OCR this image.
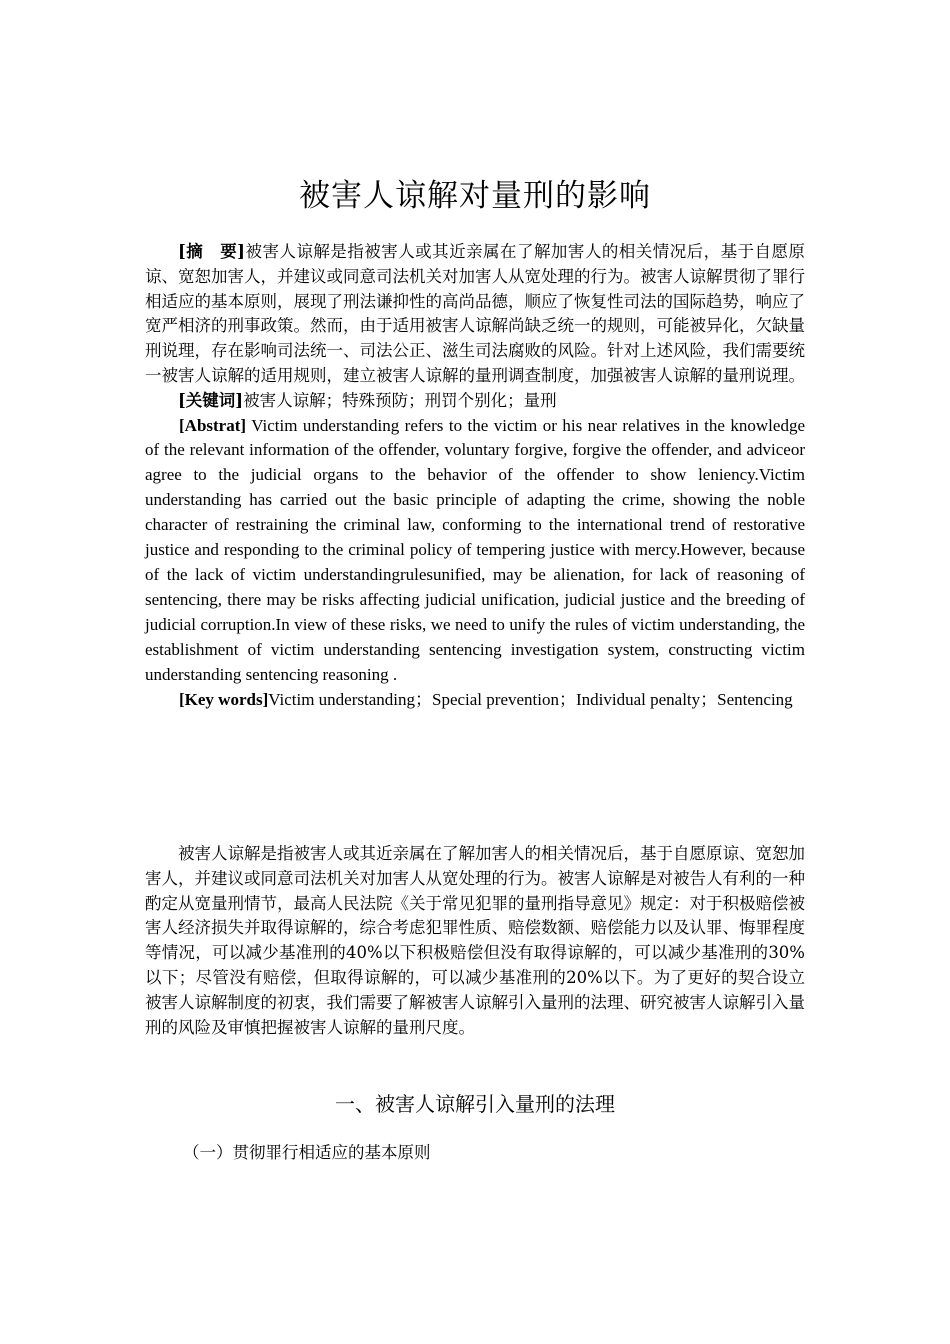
被害人谅解对量刑的影响

[摘　要]被害人谅解是指被害人或其近亲属在了解加害人的相关情况后，基于自愿原谅、宽恕加害人，并建议或同意司法机关对加害人从宽处理的行为。被害人谅解贯彻了罪行相适应的基本原则，展现了刑法谦抑性的高尚品德，顺应了恢复性司法的国际趋势，响应了宽严相济的刑事政策。然而，由于适用被害人谅解尚缺乏统一的规则，可能被异化，欠缺量刑说理，存在影响司法统一、司法公正、滋生司法腐败的风险。针对上述风险，我们需要统一被害人谅解的适用规则，建立被害人谅解的量刑调查制度，加强被害人谅解的量刑说理。

[关键词]被害人谅解；特殊预防；刑罚个别化；量刑

[Abstrat] Victim understanding refers to the victim or his near relatives in the knowledge of the relevant information of the offender, voluntary forgive, forgive the offender, and adviceor agree to the judicial organs to the behavior of the offender to show leniency.Victim understanding has carried out the basic principle of adapting the crime, showing the noble character of restraining the criminal law, conforming to the international trend of restorative justice and responding to the criminal policy of tempering justice with mercy.However, because of the lack of victim understandingrulesunified, may be alienation, for lack of reasoning of sentencing, there may be risks affecting judicial unification, judicial justice and the breeding of judicial corruption.In view of these risks, we need to unify the rules of victim understanding, the establishment of victim understanding sentencing investigation system, constructing victim understanding sentencing reasoning .

[Key words]Victim understanding；Special prevention；Individual penalty；Sentencing

被害人谅解是指被害人或其近亲属在了解加害人的相关情况后，基于自愿原谅、宽恕加害人，并建议或同意司法机关对加害人从宽处理的行为。被害人谅解是对被告人有利的一种酌定从宽量刑情节，最高人民法院《关于常见犯罪的量刑指导意见》规定：对于积极赔偿被害人经济损失并取得谅解的，综合考虑犯罪性质、赔偿数额、赔偿能力以及认罪、悔罪程度等情况，可以减少基准刑的40%以下积极赔偿但没有取得谅解的，可以减少基准刑的30%以下；尽管没有赔偿，但取得谅解的，可以减少基准刑的20%以下。为了更好的契合设立被害人谅解制度的初衷，我们需要了解被害人谅解引入量刑的法理、研究被害人谅解引入量刑的风险及审慎把握被害人谅解的量刑尺度。

一、被害人谅解引入量刑的法理
（一）贯彻罪行相适应的基本原则
